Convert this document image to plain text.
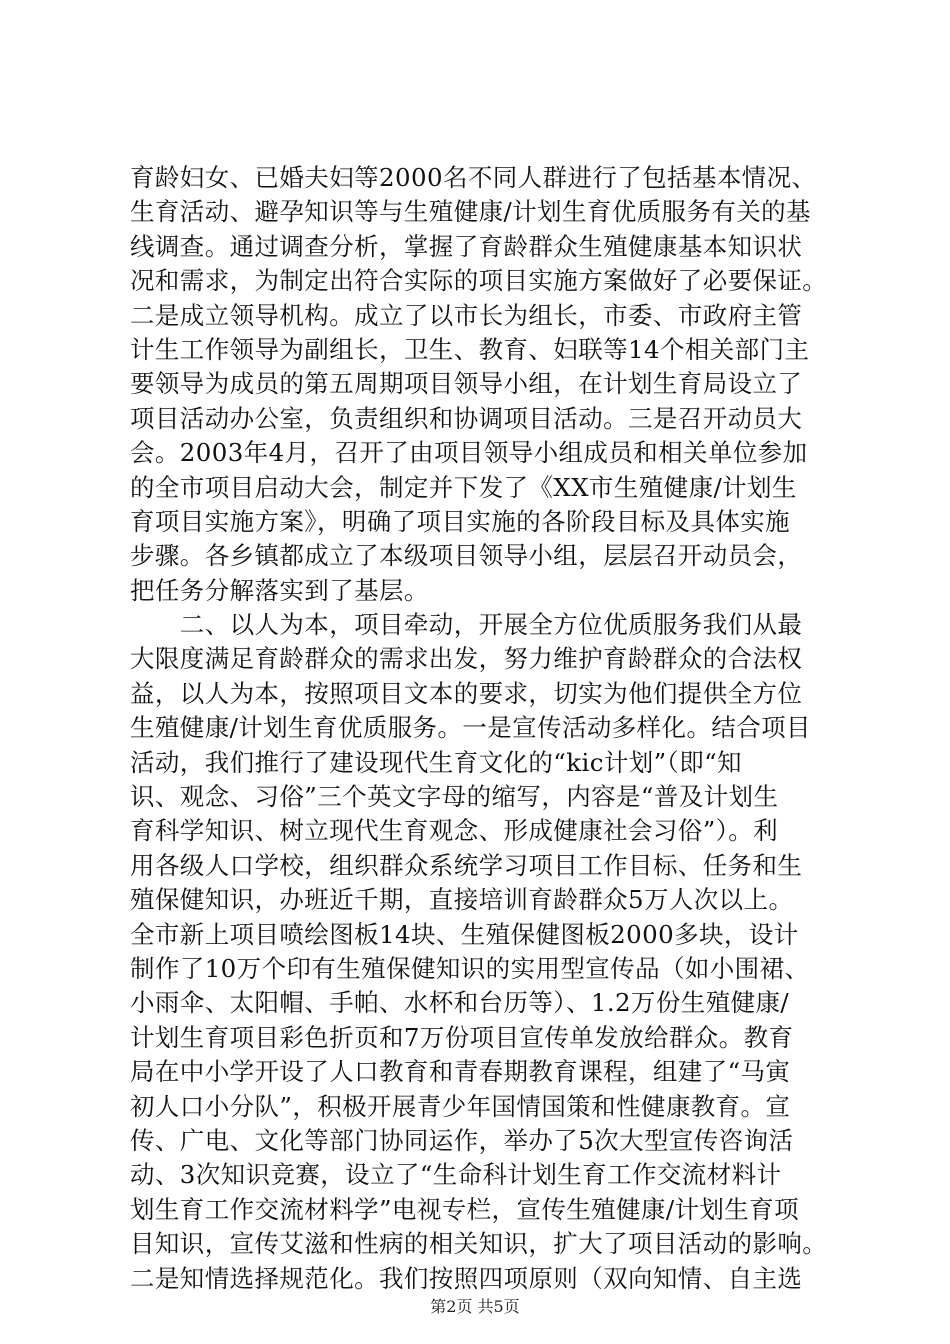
育龄妇女、已婚夫妇等2000名不同人群进行了包括基本情况、
生育活动、避孕知识等与生殖健康/计划生育优质服务有关的基
线调查。通过调查分析，掌握了育龄群众生殖健康基本知识状
况和需求，为制定出符合实际的项目实施方案做好了必要保证。
二是成立领导机构。成立了以市长为组长，市委、市政府主管
计生工作领导为副组长，卫生、教育、妇联等14个相关部门主
要领导为成员的第五周期项目领导小组，在计划生育局设立了
项目活动办公室，负责组织和协调项目活动。三是召开动员大
会。2003年4月，召开了由项目领导小组成员和相关单位参加
的全市项目启动大会，制定并下发了《XX市生殖健康/计划生
育项目实施方案》，明确了项目实施的各阶段目标及具体实施
步骤。各乡镇都成立了本级项目领导小组，层层召开动员会，
把任务分解落实到了基层。
　　二、以人为本，项目牵动，开展全方位优质服务我们从最
大限度满足育龄群众的需求出发，努力维护育龄群众的合法权
益，以人为本，按照项目文本的要求，切实为他们提供全方位
生殖健康/计划生育优质服务。一是宣传活动多样化。结合项目
活动，我们推行了建设现代生育文化的“kic计划”（即“知
识、观念、习俗”三个英文字母的缩写，内容是“普及计划生
育科学知识、树立现代生育观念、形成健康社会习俗”）。利
用各级人口学校，组织群众系统学习项目工作目标、任务和生
殖保健知识，办班近千期，直接培训育龄群众5万人次以上。
全市新上项目喷绘图板14块、生殖保健图板2000多块，设计
制作了10万个印有生殖保健知识的实用型宣传品（如小围裙、
小雨伞、太阳帽、手帕、水杯和台历等）、1.2万份生殖健康/
计划生育项目彩色折页和7万份项目宣传单发放给群众。教育
局在中小学开设了人口教育和青春期教育课程，组建了“马寅
初人口小分队”，积极开展青少年国情国策和性健康教育。宣
传、广电、文化等部门协同运作，举办了5次大型宣传咨询活
动、3次知识竞赛，设立了“生命科计划生育工作交流材料计
划生育工作交流材料学”电视专栏，宣传生殖健康/计划生育项
目知识，宣传艾滋和性病的相关知识，扩大了项目活动的影响。
二是知情选择规范化。我们按照四项原则（双向知情、自主选
第2页 共5页
